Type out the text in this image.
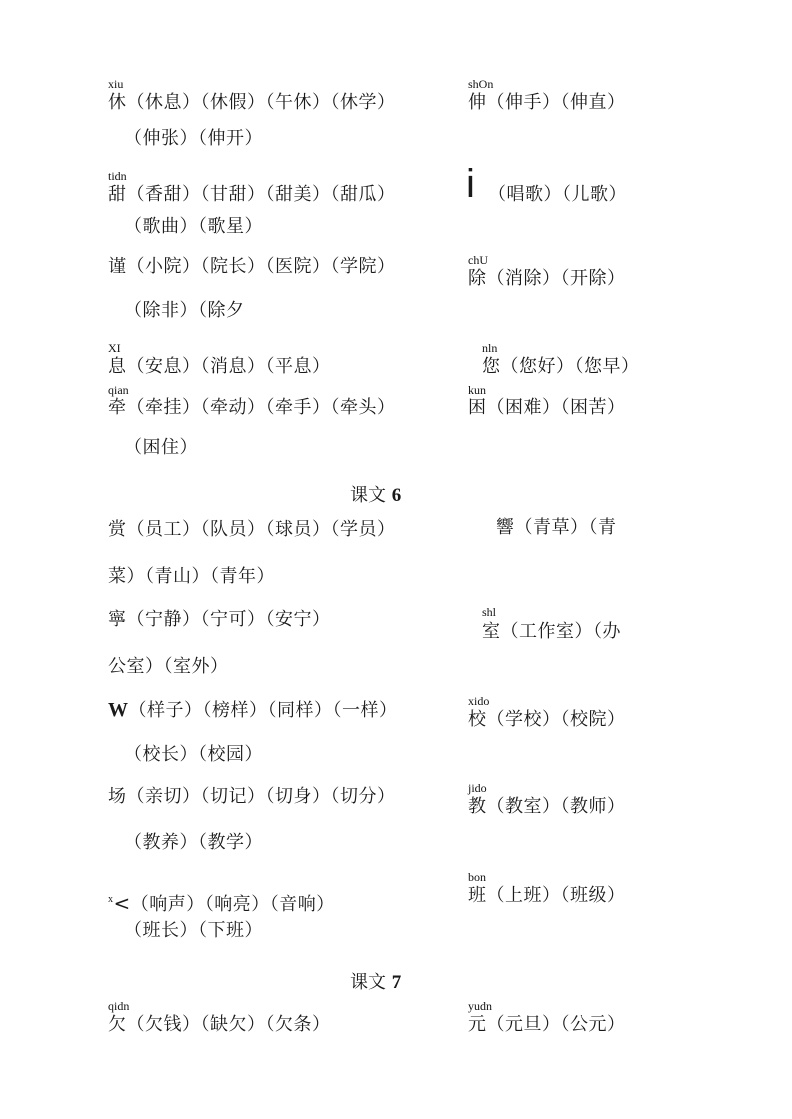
xiu
休（休息）（休假）（午休）（休学）
（伸张）（伸开）
shOn
伸（伸手）（伸直）
tidn
甜（香甜）（甘甜）（甜美）（甜瓜）
（歌曲）（歌星）
i （唱歌）（儿歌）
谨（小院）（院长）（医院）（学院）
（除非）（除夕
chU
除（消除）（开除）
XI
息（安息）（消息）（平息）
nln
您（您好）（您早）
qian
牵（牵挂）（牵动）（牵手）（牵头）
（困住）
kun
困（困难）（困苦）
课文 6
赏（员工）（队员）（球员）（学员）
菜）（青山）（青年）
響（青草）（青
寧（宁静）（宁可）（安宁）
公室）（室外）
shl
室（工作室）（办
W（样子）（榜样）（同样）（一样）
（校长）（校园）
xido
校（学校）（校院）
场（亲切）（切记）（切身）（切分）
（教养）（教学）
jido
教（教室）（教师）
$^x$<（响声）（响亮）（音响）
（班长）（下班）
bon
班（上班）（班级）
课文 7
qidn
欠（欠钱）（缺欠）（欠条）
yudn
元（元旦）（公元）
